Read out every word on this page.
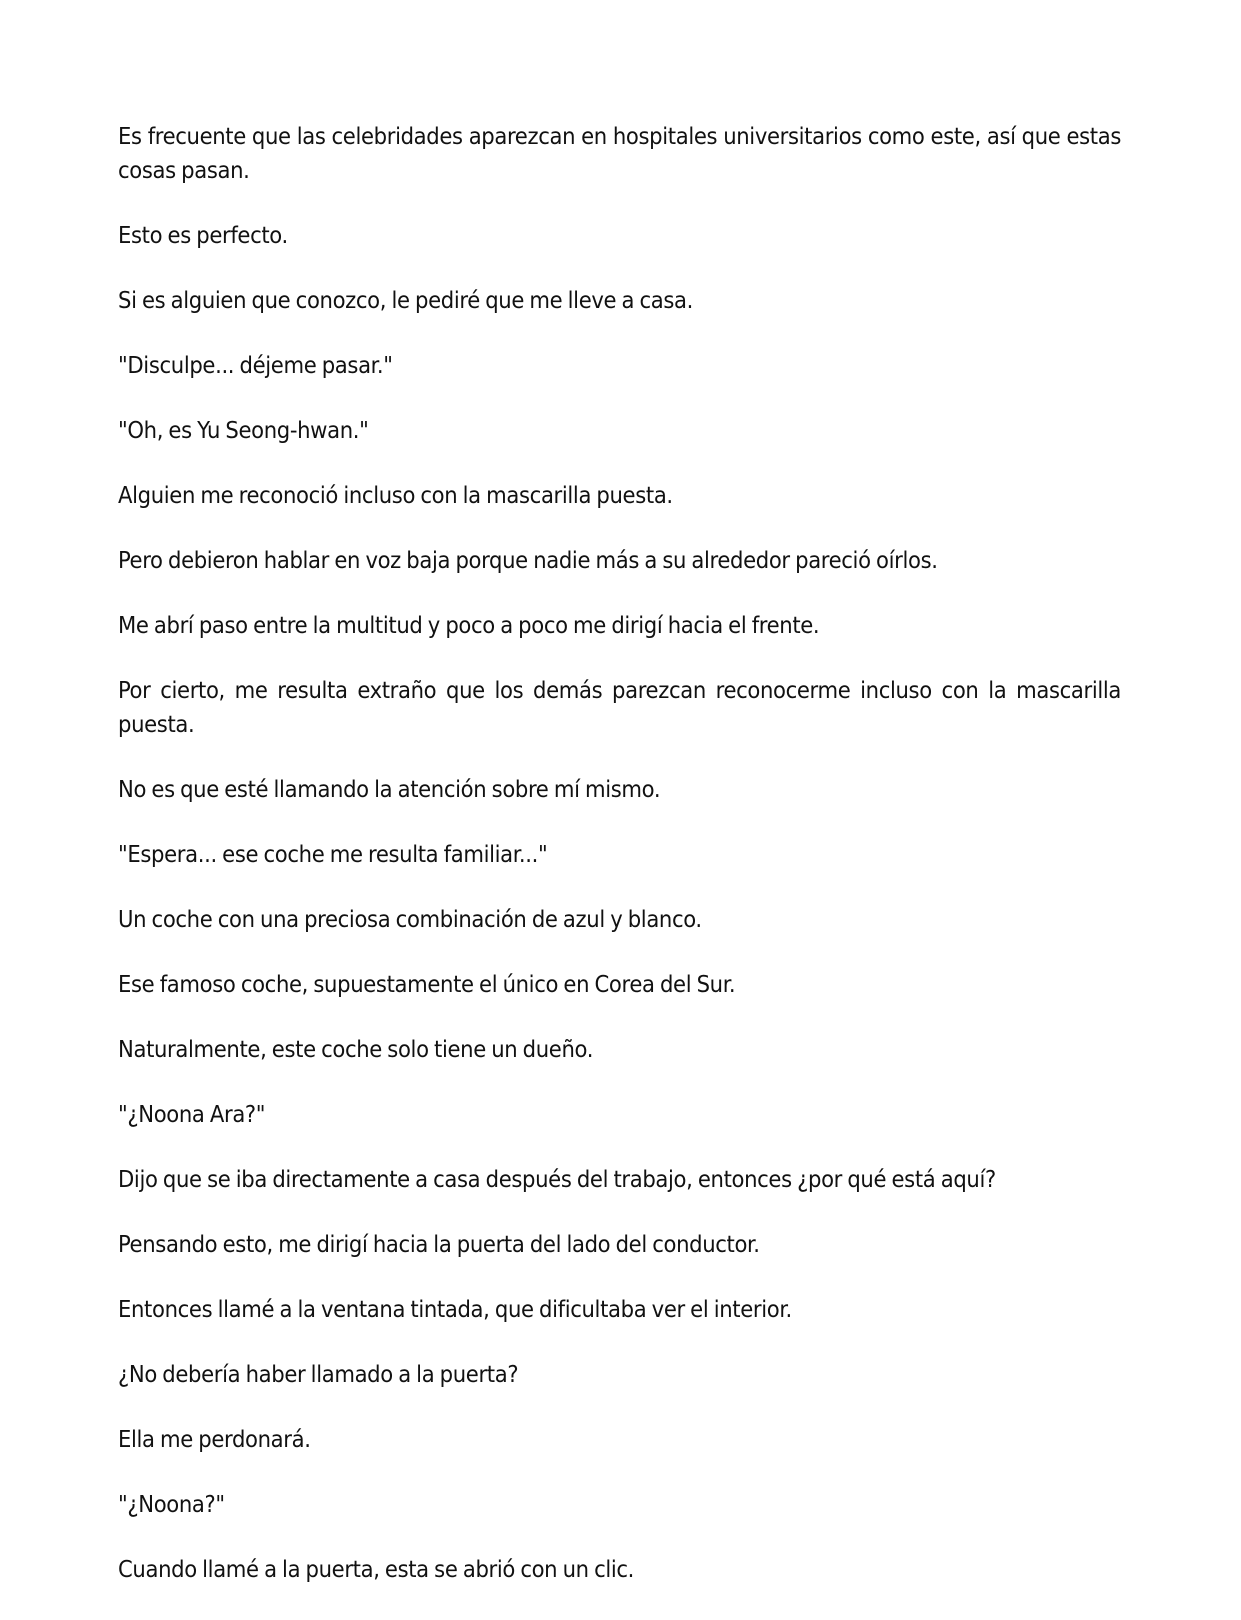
Es frecuente que las celebridades aparezcan en hospitales universitarios como este, así que estas cosas pasan.

Esto es perfecto.

Si es alguien que conozco, le pediré que me lleve a casa.

"Disculpe... déjeme pasar."

"Oh, es Yu Seong-hwan."

Alguien me reconoció incluso con la mascarilla puesta.

Pero debieron hablar en voz baja porque nadie más a su alrededor pareció oírlos.

Me abrí paso entre la multitud y poco a poco me dirigí hacia el frente.

Por cierto, me resulta extraño que los demás parezcan reconocerme incluso con la mascarilla puesta.

No es que esté llamando la atención sobre mí mismo.

"Espera... ese coche me resulta familiar..."

Un coche con una preciosa combinación de azul y blanco.

Ese famoso coche, supuestamente el único en Corea del Sur.

Naturalmente, este coche solo tiene un dueño.

"¿Noona Ara?"

Dijo que se iba directamente a casa después del trabajo, entonces ¿por qué está aquí?

Pensando esto, me dirigí hacia la puerta del lado del conductor.

Entonces llamé a la ventana tintada, que dificultaba ver el interior.

¿No debería haber llamado a la puerta?

Ella me perdonará.

"¿Noona?"

Cuando llamé a la puerta, esta se abrió con un clic.
